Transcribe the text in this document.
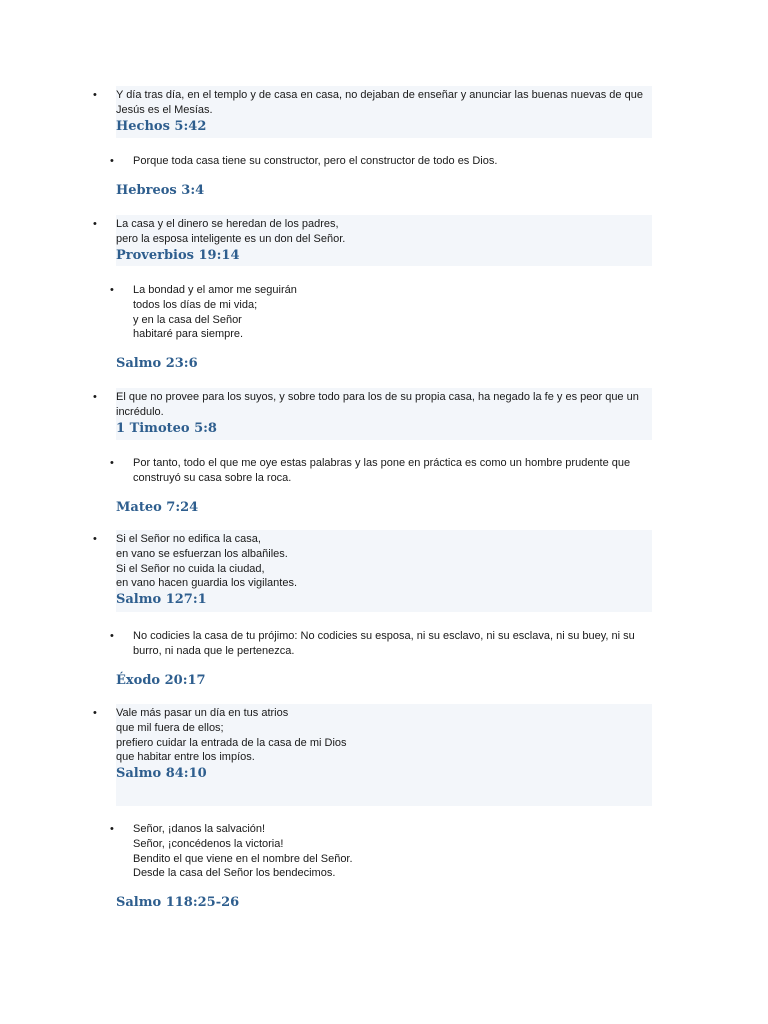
• Y día tras día, en el templo y de casa en casa, no dejaban de enseñar y anunciar las buenas nuevas de que Jesús es el Mesías.

Hechos 5:42
•	Porque toda casa tiene su constructor, pero el constructor de todo es Dios.

Hebreos 3:4
• La casa y el dinero se heredan de los padres,
pero la esposa inteligente es un don del Señor.

Proverbios 19:14
•	La bondad y el amor me seguirán
todos los días de mi vida;
y en la casa del Señor
habitaré para siempre.

Salmo 23:6
• El que no provee para los suyos, y sobre todo para los de su propia casa, ha negado la fe y es peor que un incrédulo.

1 Timoteo 5:8
•	Por tanto, todo el que me oye estas palabras y las pone en práctica es como un hombre prudente que construyó su casa sobre la roca.

Mateo 7:24
• Si el Señor no edifica la casa,
en vano se esfuerzan los albañiles.
Si el Señor no cuida la ciudad,
en vano hacen guardia los vigilantes.

Salmo 127:1
•	No codicies la casa de tu prójimo: No codicies su esposa, ni su esclavo, ni su esclava, ni su buey, ni su burro, ni nada que le pertenezca.

Éxodo 20:17
• Vale más pasar un día en tus atrios
que mil fuera de ellos;
prefiero cuidar la entrada de la casa de mi Dios
que habitar entre los impíos.

Salmo 84:10
•	Señor, ¡danos la salvación!
Señor, ¡concédenos la victoria!
Bendito el que viene en el nombre del Señor.
Desde la casa del Señor los bendecimos.

Salmo 118:25-26
